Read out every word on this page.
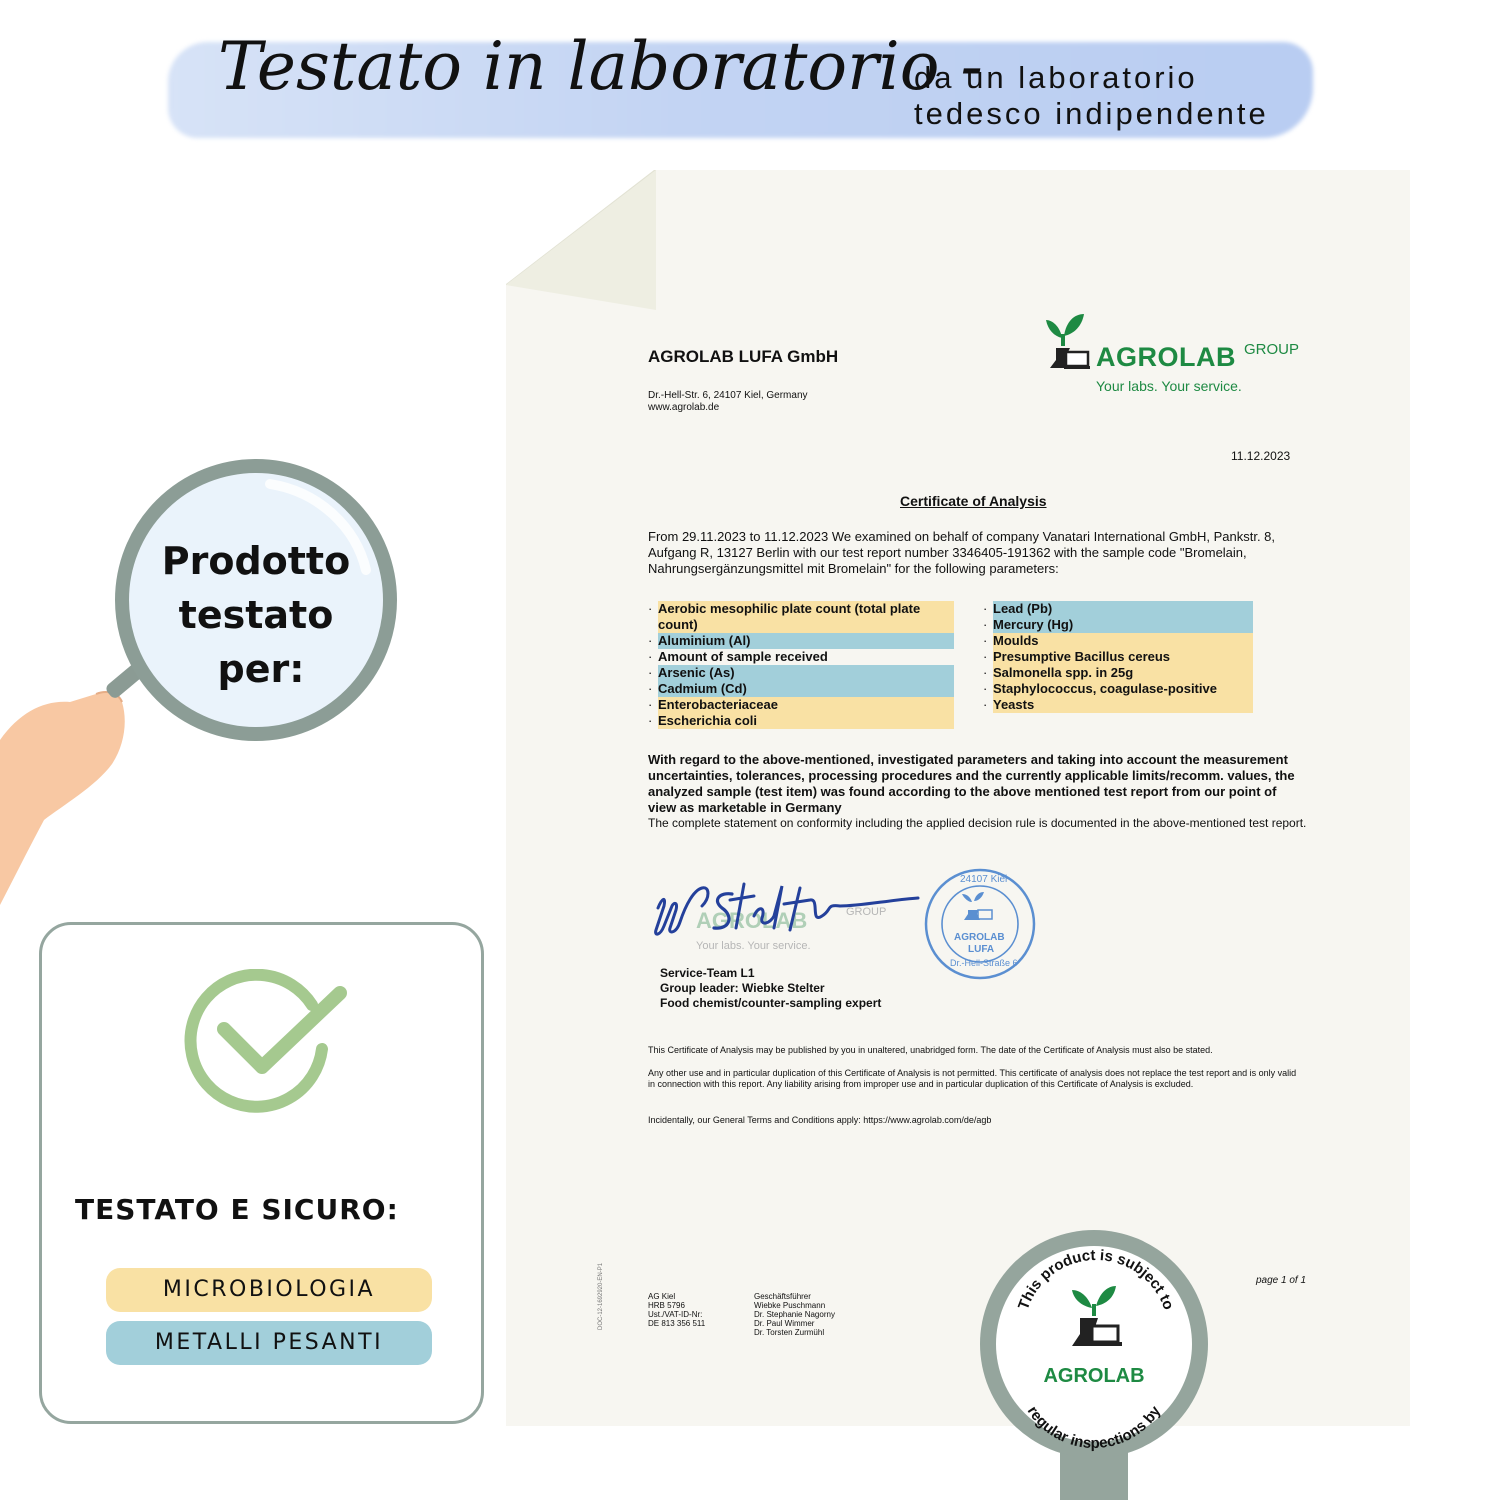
Testato in laboratorio -
da un laboratorio
tedesco indipendente
AGROLAB LUFA GmbH
Dr.-Hell-Str. 6, 24107 Kiel, Germany
www.agrolab.de
AGROLAB GROUP
Your labs. Your service.
11.12.2023
Certificate of Analysis
From 29.11.2023 to 11.12.2023 We examined on behalf of company Vanatari International GmbH, Pankstr. 8, Aufgang R, 13127 Berlin with our test report number 3346405-191362 with the sample code "Bromelain, Nahrungsergänzungsmittel mit Bromelain" for the following parameters:
· Aerobic mesophilic plate count (total plate count)
· Aluminium (Al)
· Amount of sample received
· Arsenic (As)
· Cadmium (Cd)
· Enterobacteriaceae
· Escherichia coli
· Lead (Pb)
· Mercury (Hg)
· Moulds
· Presumptive Bacillus cereus
· Salmonella spp. in 25g
· Staphylococcus, coagulase-positive
· Yeasts
With regard to the above-mentioned, investigated parameters and taking into account the measurement uncertainties, tolerances, processing procedures and the currently applicable limits/recomm. values, the analyzed sample (test item) was found according to the above mentioned test report from our point of view as marketable in Germany
The complete statement on conformity including the applied decision rule is documented in the above-mentioned test report.
AGROLAB	GROUP
Your labs. Your service.
24107 Kiel
AGROLAB
LUFA
Dr.-Hell-Straße 6
Service-Team L1
Group leader: Wiebke Stelter
Food chemist/counter-sampling expert
This Certificate of Analysis may be published by you in unaltered, unabridged form. The date of the Certificate of Analysis must also be stated.
Any other use and in particular duplication of this Certificate of Analysis is not permitted. This certificate of analysis does not replace the test report and is only valid in connection with this report. Any liability arising from improper use and in particular duplication of this Certificate of Analysis is excluded.
Incidentally, our General Terms and Conditions apply: https://www.agrolab.com/de/agb
DOC-12-1692920-EN-P1	AG Kiel
HRB 5796
Ust./VAT-ID-Nr:
DE 813 356 511
Geschäftsführer
Wiebke Puschmann
Dr. Stephanie Nagorny
Dr. Paul Wimmer
Dr. Torsten Zurmühl
page 1 of 1
Prodotto
testato
per:
TESTATO E SICURO:
MICROBIOLOGIA
METALLI PESANTI
This product is subject to
regular inspections by
AGROLAB
